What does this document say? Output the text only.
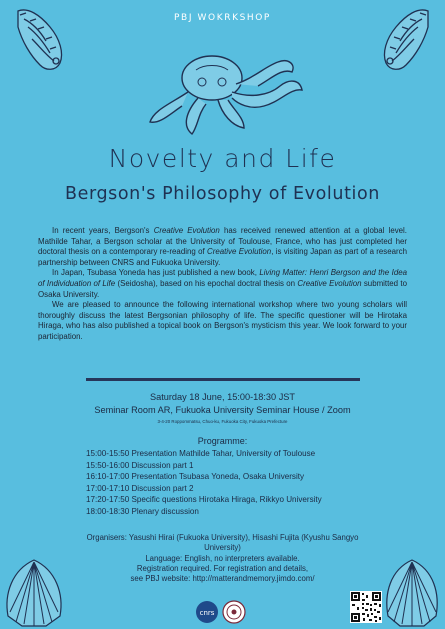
PBJ WOKRKSHOP
Novelty and Life
Bergson's Philosophy of Evolution

In recent years, Bergson's Creative Evolution has received renewed attention at a global level. Mathilde Tahar, a Bergson scholar at the University of Toulouse, France, who has just completed her doctoral thesis on a contemporary re-reading of Creative Evolution, is visiting Japan as part of a research partnership between CNRS and Fukuoka University.

In Japan, Tsubasa Yoneda has just published a new book, Living Matter: Henri Bergson and the Idea of Individuation of Life (Seidosha), based on his epochal doctral thesis on Creative Evolution submitted to Osaka University.

We are pleased to announce the following international workshop where two young scholars will thoroughly discuss the latest Bergsonian philosophy of life. The specific questioner will be Hirotaka Hiraga, who has also published a topical book on Bergson's mysticism this year. We look forward to your participation.

Saturday 18 June, 15:00-18:30 JST
Seminar Room AR, Fukuoka University Seminar House / Zoom
3-4-20 Roppommatsu, Chuo-ku, Fukuoka City, Fukuoka Prefecture
Programme:
15:00-15:50 Presentation Mathilde Tahar, University of Toulouse
15:50-16:00 Discussion part 1
16:10-17:00 Presentation Tsubasa Yoneda, Osaka University
17:00-17:10 Discussion part 2
17:20-17:50 Specific questions Hirotaka Hiraga, Rikkyo University
18:00-18:30 Plenary discussion
Organisers: Yasushi Hirai (Fukuoka University), Hisashi Fujita (Kyushu Sangyo University)
Language: English, no interpreters available.
Registration required. For registration and details,
see PBJ website: http://matterandmemory.jimdo.com/
cnrs
